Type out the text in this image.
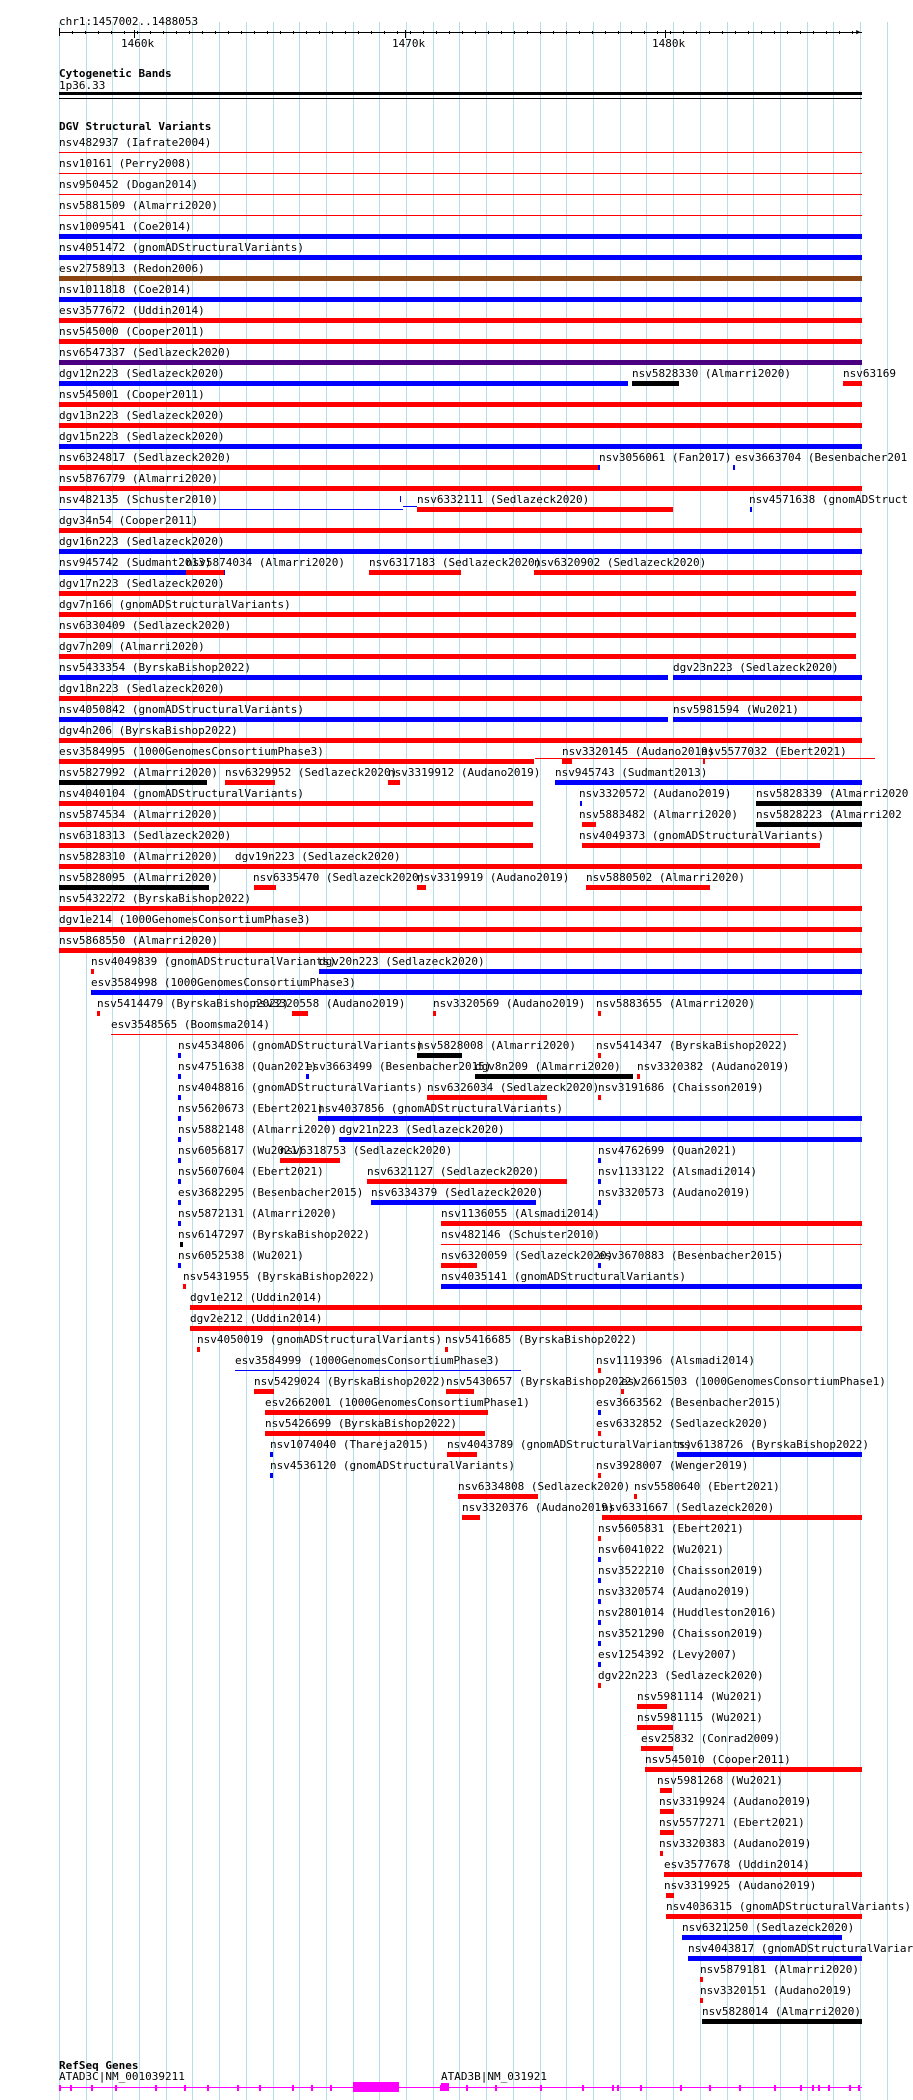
chr1:1457002..1488053
1460k	1470k	1480k
▸
Cytogenetic Bands
1p36.33
DGV Structural Variants
nsv482937 (Iafrate2004)
nsv10161 (Perry2008)
nsv950452 (Dogan2014)
nsv5881509 (Almarri2020)
nsv1009541 (Coe2014)
nsv4051472 (gnomADStructuralVariants)
esv2758913 (Redon2006)
nsv1011818 (Coe2014)
esv3577672 (Uddin2014)
nsv545000 (Cooper2011)
nsv6547337 (Sedlazeck2020)
dgv12n223 (Sedlazeck2020)	nsv5828330 (Almarri2020)	nsv63169
nsv545001 (Cooper2011)
dgv13n223 (Sedlazeck2020)
dgv15n223 (Sedlazeck2020)
nsv6324817 (Sedlazeck2020)	nsv3056061 (Fan2017) esv3663704 (Besenbacher201
nsv5876779 (Almarri2020)
nsv482135 (Schuster2010)	nsv6332111 (Sedlazeck2020)	nsv4571638 (gnomADStruct
dgv34n54 (Cooper2011)
dgv16n223 (Sedlazeck2020)
nsv945742 (Sudmant2013)
nsv5874034 (Almarri2020) nsv6317183 (Sedlazeck2020)
nsv6320902 (Sedlazeck2020)
dgv17n223 (Sedlazeck2020)
dgv7n166 (gnomADStructuralVariants)
nsv6330409 (Sedlazeck2020)
dgv7n209 (Almarri2020)
nsv5433354 (ByrskaBishop2022)	dgv23n223 (Sedlazeck2020)
dgv18n223 (Sedlazeck2020)
nsv4050842 (gnomADStructuralVariants)	nsv5981594 (Wu2021)
dgv4n206 (ByrskaBishop2022)
esv3584995 (1000GenomesConsortiumPhase3)	nsv3320145 (Audano2019)
nsv5577032 (Ebert2021)
nsv5827992 (Almarri2020) nsv6329952 (Sedlazeck2020)
nsv3319912 (Audano2019) nsv945743 (Sudmant2013)
nsv4040104 (gnomADStructuralVariants)	nsv3320572 (Audano2019) nsv5828339 (Almarri2020
nsv5874534 (Almarri2020)	nsv5883482 (Almarri2020) nsv5828223 (Almarri202
nsv6318313 (Sedlazeck2020)	nsv4049373 (gnomADStructuralVariants)
nsv5828310 (Almarri2020) dgv19n223 (Sedlazeck2020)
nsv5828095 (Almarri2020)	nsv6335470 (Sedlazeck2020)
nsv3319919 (Audano2019) nsv5880502 (Almarri2020)
nsv5432272 (ByrskaBishop2022)
dgv1e214 (1000GenomesConsortiumPhase3)
nsv5868550 (Almarri2020)
nsv4049839 (gnomADStructuralVariants)
dgv20n223 (Sedlazeck2020)
esv3584998 (1000GenomesConsortiumPhase3)
nsv5414479 (ByrskaBishop2022)
nsv3320558 (Audano2019)	nsv3320569 (Audano2019) nsv5883655 (Almarri2020)
esv3548565 (Boomsma2014)
nsv4534806 (gnomADStructuralVariants)
nsv5828008 (Almarri2020) nsv5414347 (ByrskaBishop2022)
nsv4751638 (Quan2021)
esv3663499 (Besenbacher2015)
dgv8n209 (Almarri2020) nsv3320382 (Audano2019)
nsv4048816 (gnomADStructuralVariants) nsv6326034 (Sedlazeck2020)
nsv3191686 (Chaisson2019)
nsv5620673 (Ebert2021)
nsv4037856 (gnomADStructuralVariants)
nsv5882148 (Almarri2020) dgv21n223 (Sedlazeck2020)
nsv6056817 (Wu2021)
nsv6318753 (Sedlazeck2020)	nsv4762699 (Quan2021)
nsv5607604 (Ebert2021)	nsv6321127 (Sedlazeck2020)	nsv1133122 (Alsmadi2014)
esv3682295 (Besenbacher2015) nsv6334379 (Sedlazeck2020)	nsv3320573 (Audano2019)
nsv5872131 (Almarri2020)	nsv1136055 (Alsmadi2014)
nsv6147297 (ByrskaBishop2022)	nsv482146 (Schuster2010)
nsv6052538 (Wu2021)	nsv6320059 (Sedlazeck2020)
esv3670883 (Besenbacher2015)
nsv5431955 (ByrskaBishop2022)	nsv4035141 (gnomADStructuralVariants)
dgv1e212 (Uddin2014)
dgv2e212 (Uddin2014)
nsv4050019 (gnomADStructuralVariants) nsv5416685 (ByrskaBishop2022)
esv3584999 (1000GenomesConsortiumPhase3)	nsv1119396 (Alsmadi2014)
nsv5429024 (ByrskaBishop2022) nsv5430657 (ByrskaBishop2022)
esv2661503 (1000GenomesConsortiumPhase1)
esv2662001 (1000GenomesConsortiumPhase1)	esv3663562 (Besenbacher2015)
nsv5426699 (ByrskaBishop2022)	esv6332852 (Sedlazeck2020)
nsv1074040 (Thareja2015) nsv4043789 (gnomADStructuralVariants)
nsv6138726 (ByrskaBishop2022)
nsv4536120 (gnomADStructuralVariants)	nsv3928007 (Wenger2019)
nsv6334808 (Sedlazeck2020) nsv5580640 (Ebert2021)
nsv3320376 (Audano2019)
nsv6331667 (Sedlazeck2020)
nsv5605831 (Ebert2021)
nsv6041022 (Wu2021)
nsv3522210 (Chaisson2019)
nsv3320574 (Audano2019)
nsv2801014 (Huddleston2016)
nsv3521290 (Chaisson2019)
esv1254392 (Levy2007)
dgv22n223 (Sedlazeck2020)
nsv5981114 (Wu2021)
nsv5981115 (Wu2021)
esv25832 (Conrad2009)
nsv545010 (Cooper2011)
nsv5981268 (Wu2021)
nsv3319924 (Audano2019)
nsv5577271 (Ebert2021)
nsv3320383 (Audano2019)
esv3577678 (Uddin2014)
nsv3319925 (Audano2019)
nsv4036315 (gnomADStructuralVariants)
nsv6321250 (Sedlazeck2020)
nsv4043817 (gnomADStructuralVariar
nsv5879181 (Almarri2020)
nsv3320151 (Audano2019)
nsv5828014 (Almarri2020)
RefSeq Genes
ATAD3C|NM_001039211	ATAD3B|NM_031921
